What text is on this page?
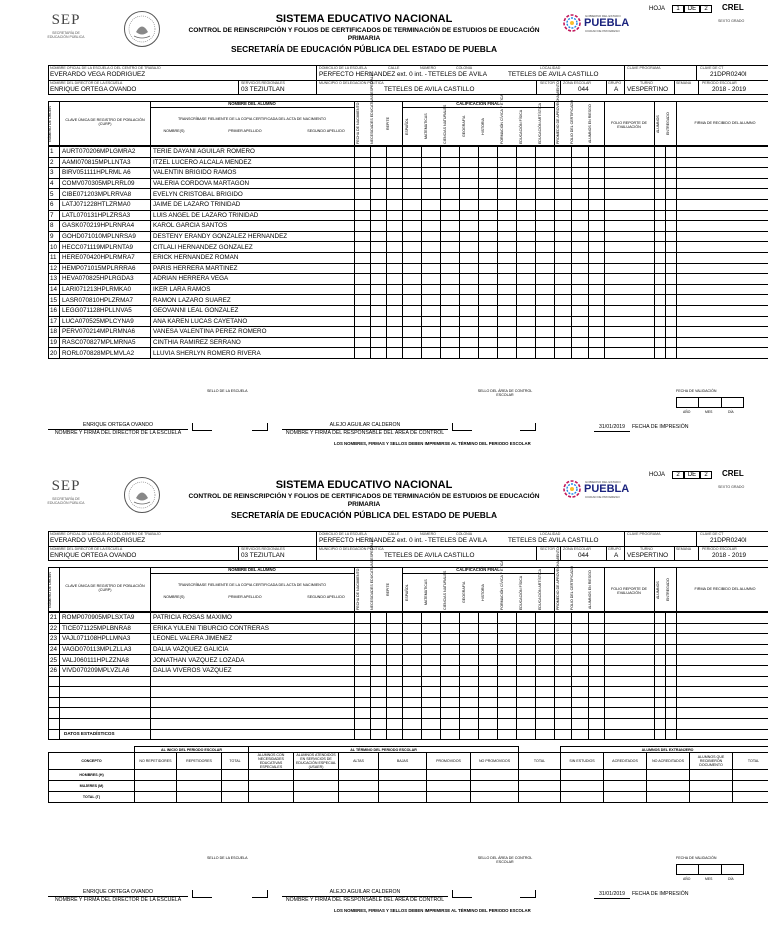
SEP
SECRETARÍA DE
EDUCACIÓN PÚBLICA
GOBIERNO DEL ESTADO
PUEBLA
CIUDAD DE PROGRESO
HOJA	1	DE	2	CREL
SEXTO GRADO
SISTEMA EDUCATIVO NACIONAL
CONTROL DE REINSCRIPCIÓN Y FOLIOS DE CERTIFICADOS DE TERMINACIÓN DE ESTUDIOS DE EDUCACIÓN
PRIMARIA
SECRETARÍA DE EDUCACIÓN PÚBLICA DEL ESTADO DE PUEBLA
NOMBRE OFICIAL DE LA ESCUELA O DEL CENTRO DE TRABAJO
EVERARDO VEGA RODRIGUEZ
DOMICILIO DE LA ESCUELA	CALLE	NÚMERO	COLONIA	LOCALIDAD
PERFECTO HERNANDEZ ext. 0 int. - TETELES DE ÁVILA	TETELES DE AVILA CASTILLO
CLAVE PROGRAMA	CLAVE DE CT
21DPR0240I
NOMBRE DEL DIRECTOR DE LA ESCUELA
ENRIQUE ORTEGA OVANDO
SERVICIOS REGIONALES
03 TEZIUTLAN
MUNICIPIO O DELEGACIÓN POLÍTICA
TETELES DE AVILA CASTILLO
SECTOR	ZONA ESCOLAR
044
GRUPO
A
TURNO
VESPERTINO
SEMANA	PERIODO ESCOLAR
2018 - 2019
NÚMERO DE ORDEN	CLAVE ÚNICA DE REGISTRO DE POBLACIÓN (CURP)
NOMBRE DEL ALUMNO
TRANSCRÍBASE FIELMENTE DE LA COPIA CERTIFICADA DEL ACTA DE NACIMIENTO
NOMBRE(S)	PRIMER APELLIDO	SEGUNDO APELLIDO	FECHA DE NACIMIENTO	NECESIDADES EDUCATIVAS ESPECIALES	REPITE
CALIFICACIÓN FINAL
ESPAÑOL	MATEMÁTICAS	CIENCIAS NATURALES	GEOGRAFÍA	HISTORIA	FORMACIÓN CÍVICA Y ÉTICA	EDUCACIÓN FÍSICA	EDUCACIÓN ARTÍSTICA	PROMEDIO DE APROVECHAMIENTO	FOLIO DEL CERTIFICADO	ALUMNOS EN RIESGO	FOLIO REPORTE DE EVALUACIÓN	ALUMNOS	ENTREGADO	FIRMA DE RECIBIDO DEL ALUMNO
1	AURT070206MPLGMRA2	TERIE DAYANI AGUILAR ROMERO																		
2	AAMI070815MPLLNTA3	ITZEL LUCERO ALCALA MENDEZ																		
3	BIRV051111HPLRML A6	VALENTIN BRIGIDO RAMOS																		
4	COMV070305MPLRRL09	VALERIA CORDOVA MARTAGON																		
5	CIBE071203MPLRRVA8	EVELYN CRISTOBAL BRIGIDO																		
6	LATJ071228HTLZRMA0	JAIME DE LAZARO TRINIDAD																		
7	LATL070131HPLZRSA3	LUIS ANGEL DE LAZARO TRINIDAD																		
8	GASK070219HPLRNRA4	KAROL GARCIA SANTOS																		
9	GOHD071010MPLNRSA9	DESTENY ERANDY GONZALEZ HERNANDEZ																		
10	HECC071119MPLRNTA9	CITLALI HERNANDEZ GONZALEZ																		
11	HERE070420HPLRMRA7	ERICK HERNANDEZ ROMAN																		
12	HEMP071015MPLRRRA6	PARIS HERRERA MARTINEZ																		
13	HEVA070825HPLRGDA3	ADRIAN HERRERA VEGA																		
14	LARI071213HPLRMKA0	IKER LARA RAMOS																		
15	LASR070810HPLZRMA7	RAMON LAZARO SUAREZ																		
16	LEGG071128HPLLNVA5	GEOVANNI LEAL GONZALEZ																		
17	LUCA070525MPLCYNA9	ANA KAREN LUCAS CAYETANO																		
18	PERV070214MPLRMNA6	VANESA VALENTINA PEREZ ROMERO																		
19	RASC070827MPLMRNA5	CINTHIA RAMIREZ SERRANO																		
20	RORL070828MPLMVLA2	LLUVIA SHERLYN ROMERO RIVERA																		
SELLO DE LA ESCUELA	SELLO DEL ÁREA DE CONTROL ESCOLAR
FECHA DE VALIDACIÓN
AÑO	MES	DÍA
ENRIQUE ORTEGA OVANDO
NOMBRE Y FIRMA DEL DIRECTOR DE LA ESCUELA
ALEJO AGUILAR CALDERON
NOMBRE Y FIRMA DEL RESPONSABLE DEL ÁREA DE CONTROL
31/01/2019	FECHA DE IMPRESIÓN
LOS NOMBRES, FIRMAS Y SELLOS DEBEN IMPRIMIRSE AL TÉRMINO DEL PERIODO ESCOLAR
SEP
SECRETARÍA DE
EDUCACIÓN PÚBLICA
GOBIERNO DEL ESTADO
PUEBLA
CIUDAD DE PROGRESO
HOJA	2	DE	2	CREL
SEXTO GRADO
SISTEMA EDUCATIVO NACIONAL
CONTROL DE REINSCRIPCIÓN Y FOLIOS DE CERTIFICADOS DE TERMINACIÓN DE ESTUDIOS DE EDUCACIÓN
PRIMARIA
SECRETARÍA DE EDUCACIÓN PÚBLICA DEL ESTADO DE PUEBLA
NOMBRE OFICIAL DE LA ESCUELA O DEL CENTRO DE TRABAJO
EVERARDO VEGA RODRIGUEZ
DOMICILIO DE LA ESCUELA	CALLE	NÚMERO	COLONIA	LOCALIDAD
PERFECTO HERNANDEZ ext. 0 int. - TETELES DE ÁVILA	TETELES DE AVILA CASTILLO
CLAVE PROGRAMA	CLAVE DE CT
21DPR0240I
NOMBRE DEL DIRECTOR DE LA ESCUELA
ENRIQUE ORTEGA OVANDO
SERVICIOS REGIONALES
03 TEZIUTLAN
MUNICIPIO O DELEGACIÓN POLÍTICA
TETELES DE AVILA CASTILLO
SECTOR	ZONA ESCOLAR
044
GRUPO
A
TURNO
VESPERTINO
SEMANA	PERIODO ESCOLAR
2018 - 2019
NÚMERO DE ORDEN	CLAVE ÚNICA DE REGISTRO DE POBLACIÓN (CURP)
NOMBRE DEL ALUMNO
TRANSCRÍBASE FIELMENTE DE LA COPIA CERTIFICADA DEL ACTA DE NACIMIENTO
NOMBRE(S)	PRIMER APELLIDO	SEGUNDO APELLIDO	FECHA DE NACIMIENTO	NECESIDADES EDUCATIVAS ESPECIALES	REPITE
CALIFICACIÓN FINAL
ESPAÑOL	MATEMÁTICAS	CIENCIAS NATURALES	GEOGRAFÍA	HISTORIA	FORMACIÓN CÍVICA Y ÉTICA	EDUCACIÓN FÍSICA	EDUCACIÓN ARTÍSTICA	PROMEDIO DE APROVECHAMIENTO	FOLIO DEL CERTIFICADO	ALUMNOS EN RIESGO	FOLIO REPORTE DE EVALUACIÓN	ALUMNOS	ENTREGADO	FIRMA DE RECIBIDO DEL ALUMNO
21	ROMP070905MPLSXTA9	PATRICIA ROSAS MAXIMO																		
22	TICE071125MPLBNRA8	ERIKA YULENI TIBURCIO CONTRERAS																		
23	VAJL071108HPLLMNA3	LEONEL VALERA JIMENEZ																		
24	VAGD070113MPLZLLA3	DALIA VAZQUEZ GALICIA																		
25	VALJ060111HPLZZNA8	JONATHAN VAZQUEZ LOZADA																		
26	VIVD070209MPLVZLA6	DALIA VIVEROS VAZQUEZ																		

DATOS ESTADÍSTICOS
	AL INICIO DEL PERIODO ESCOLAR			AL TÉRMINO DEL PERIODO ESCOLAR							ALUMNOS DEL EXTRANJERO				
CONCEPTO	NO REPETIDORES	REPETIDORES	TOTAL	ALUMNOS CON NECESIDADES EDUCATIVAS ESPECIALES	ALUMNOS ATENDIDOS EN SERVICIOS DE EDUCACIÓN ESPECIAL (USAER)	ALTAS	BAJAS	PROMOVIDOS	NO PROMOVIDOS	TOTAL	SIN ESTUDIOS	ACREDITADOS	NO ACREDITADOS	ALUMNOS QUE RECIBIERON DOCUMENTO	TOTAL
HOMBRES (H)															
MUJERES (M)															
TOTAL (T)															
SELLO DE LA ESCUELA	SELLO DEL ÁREA DE CONTROL ESCOLAR
FECHA DE VALIDACIÓN
AÑO	MES	DÍA
ENRIQUE ORTEGA OVANDO
NOMBRE Y FIRMA DEL DIRECTOR DE LA ESCUELA
ALEJO AGUILAR CALDERON
NOMBRE Y FIRMA DEL RESPONSABLE DEL ÁREA DE CONTROL
31/01/2019	FECHA DE IMPRESIÓN
LOS NOMBRES, FIRMAS Y SELLOS DEBEN IMPRIMIRSE AL TÉRMINO DEL PERIODO ESCOLAR
